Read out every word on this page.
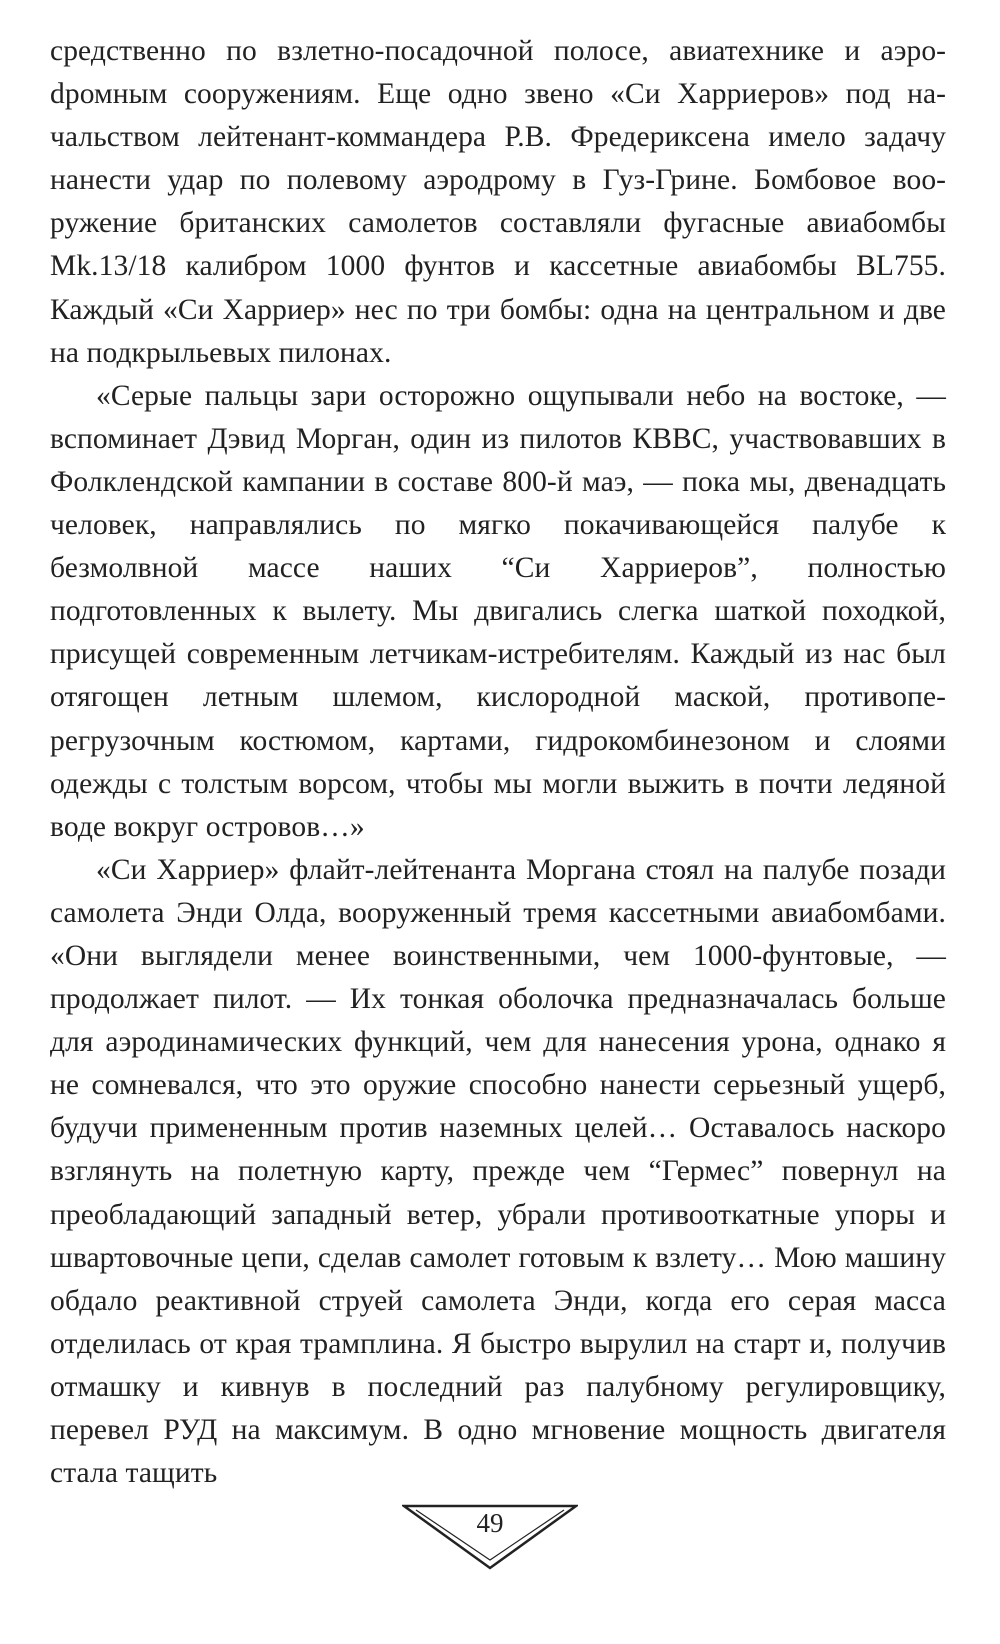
средственно по взлетно-посадочной полосе, авиатехнике и аэроdромным сооружениям. Еще одно звено «Си Харриеров» под начальством лейтенант-коммандера Р.В. Фредериксена имело задачу нанести удар по полевому аэродрому в Гуз-Грине. Бомбовое вооружение британских самолетов составляли фугасные авиабомбы Mk.13/18 калибром 1000 фунтов и кассетные авиабомбы BL755. Каждый «Си Харриер» нес по три бомбы: одна на центральном и две на подкрыльевых пилонах.

«Серые пальцы зари осторожно ощупывали небо на востоке, — вспоминает Дэвид Морган, один из пилотов КВВС, участвовавших в Фолклендской кампании в составе 800-й маэ, — пока мы, двенадцать человек, направлялись по мягко покачивающейся палубе к безмолвной массе наших “Си Харриеров”, полностью подготовленных к вылету. Мы двигались слегка шаткой походкой, присущей современным летчикам-истребителям. Каждый из нас был отягощен летным шлемом, кислородной маской, противоперегрузочным костюмом, картами, гидрокомбинезоном и слоями одежды с толстым ворсом, чтобы мы могли выжить в почти ледяной воде вокруг островов…»

«Си Харриер» флайт-лейтенанта Моргана стоял на палубе позади самолета Энди Олда, вооруженный тремя кассетными авиабомбами. «Они выглядели менее воинственными, чем 1000-фунтовые, — продолжает пилот. — Их тонкая оболочка предназначалась больше для аэродинамических функций, чем для нанесения урона, однако я не сомневался, что это оружие способно нанести серьезный ущерб, будучи примененным против наземных целей… Оставалось наскоро взглянуть на полетную карту, прежде чем “Гермес” повернул на преобладающий западный ветер, убрали противооткатные упоры и швартовочные цепи, сделав самолет готовым к взлету… Мою машину обдало реактивной струей самолета Энди, когда его серая масса отделилась от края трамплина. Я быстро вырулил на старт и, получив отмашку и кивнув в последний раз палубному регулировщику, перевел РУД на максимум. В одно мгновение мощность двигателя стала тащить

49
